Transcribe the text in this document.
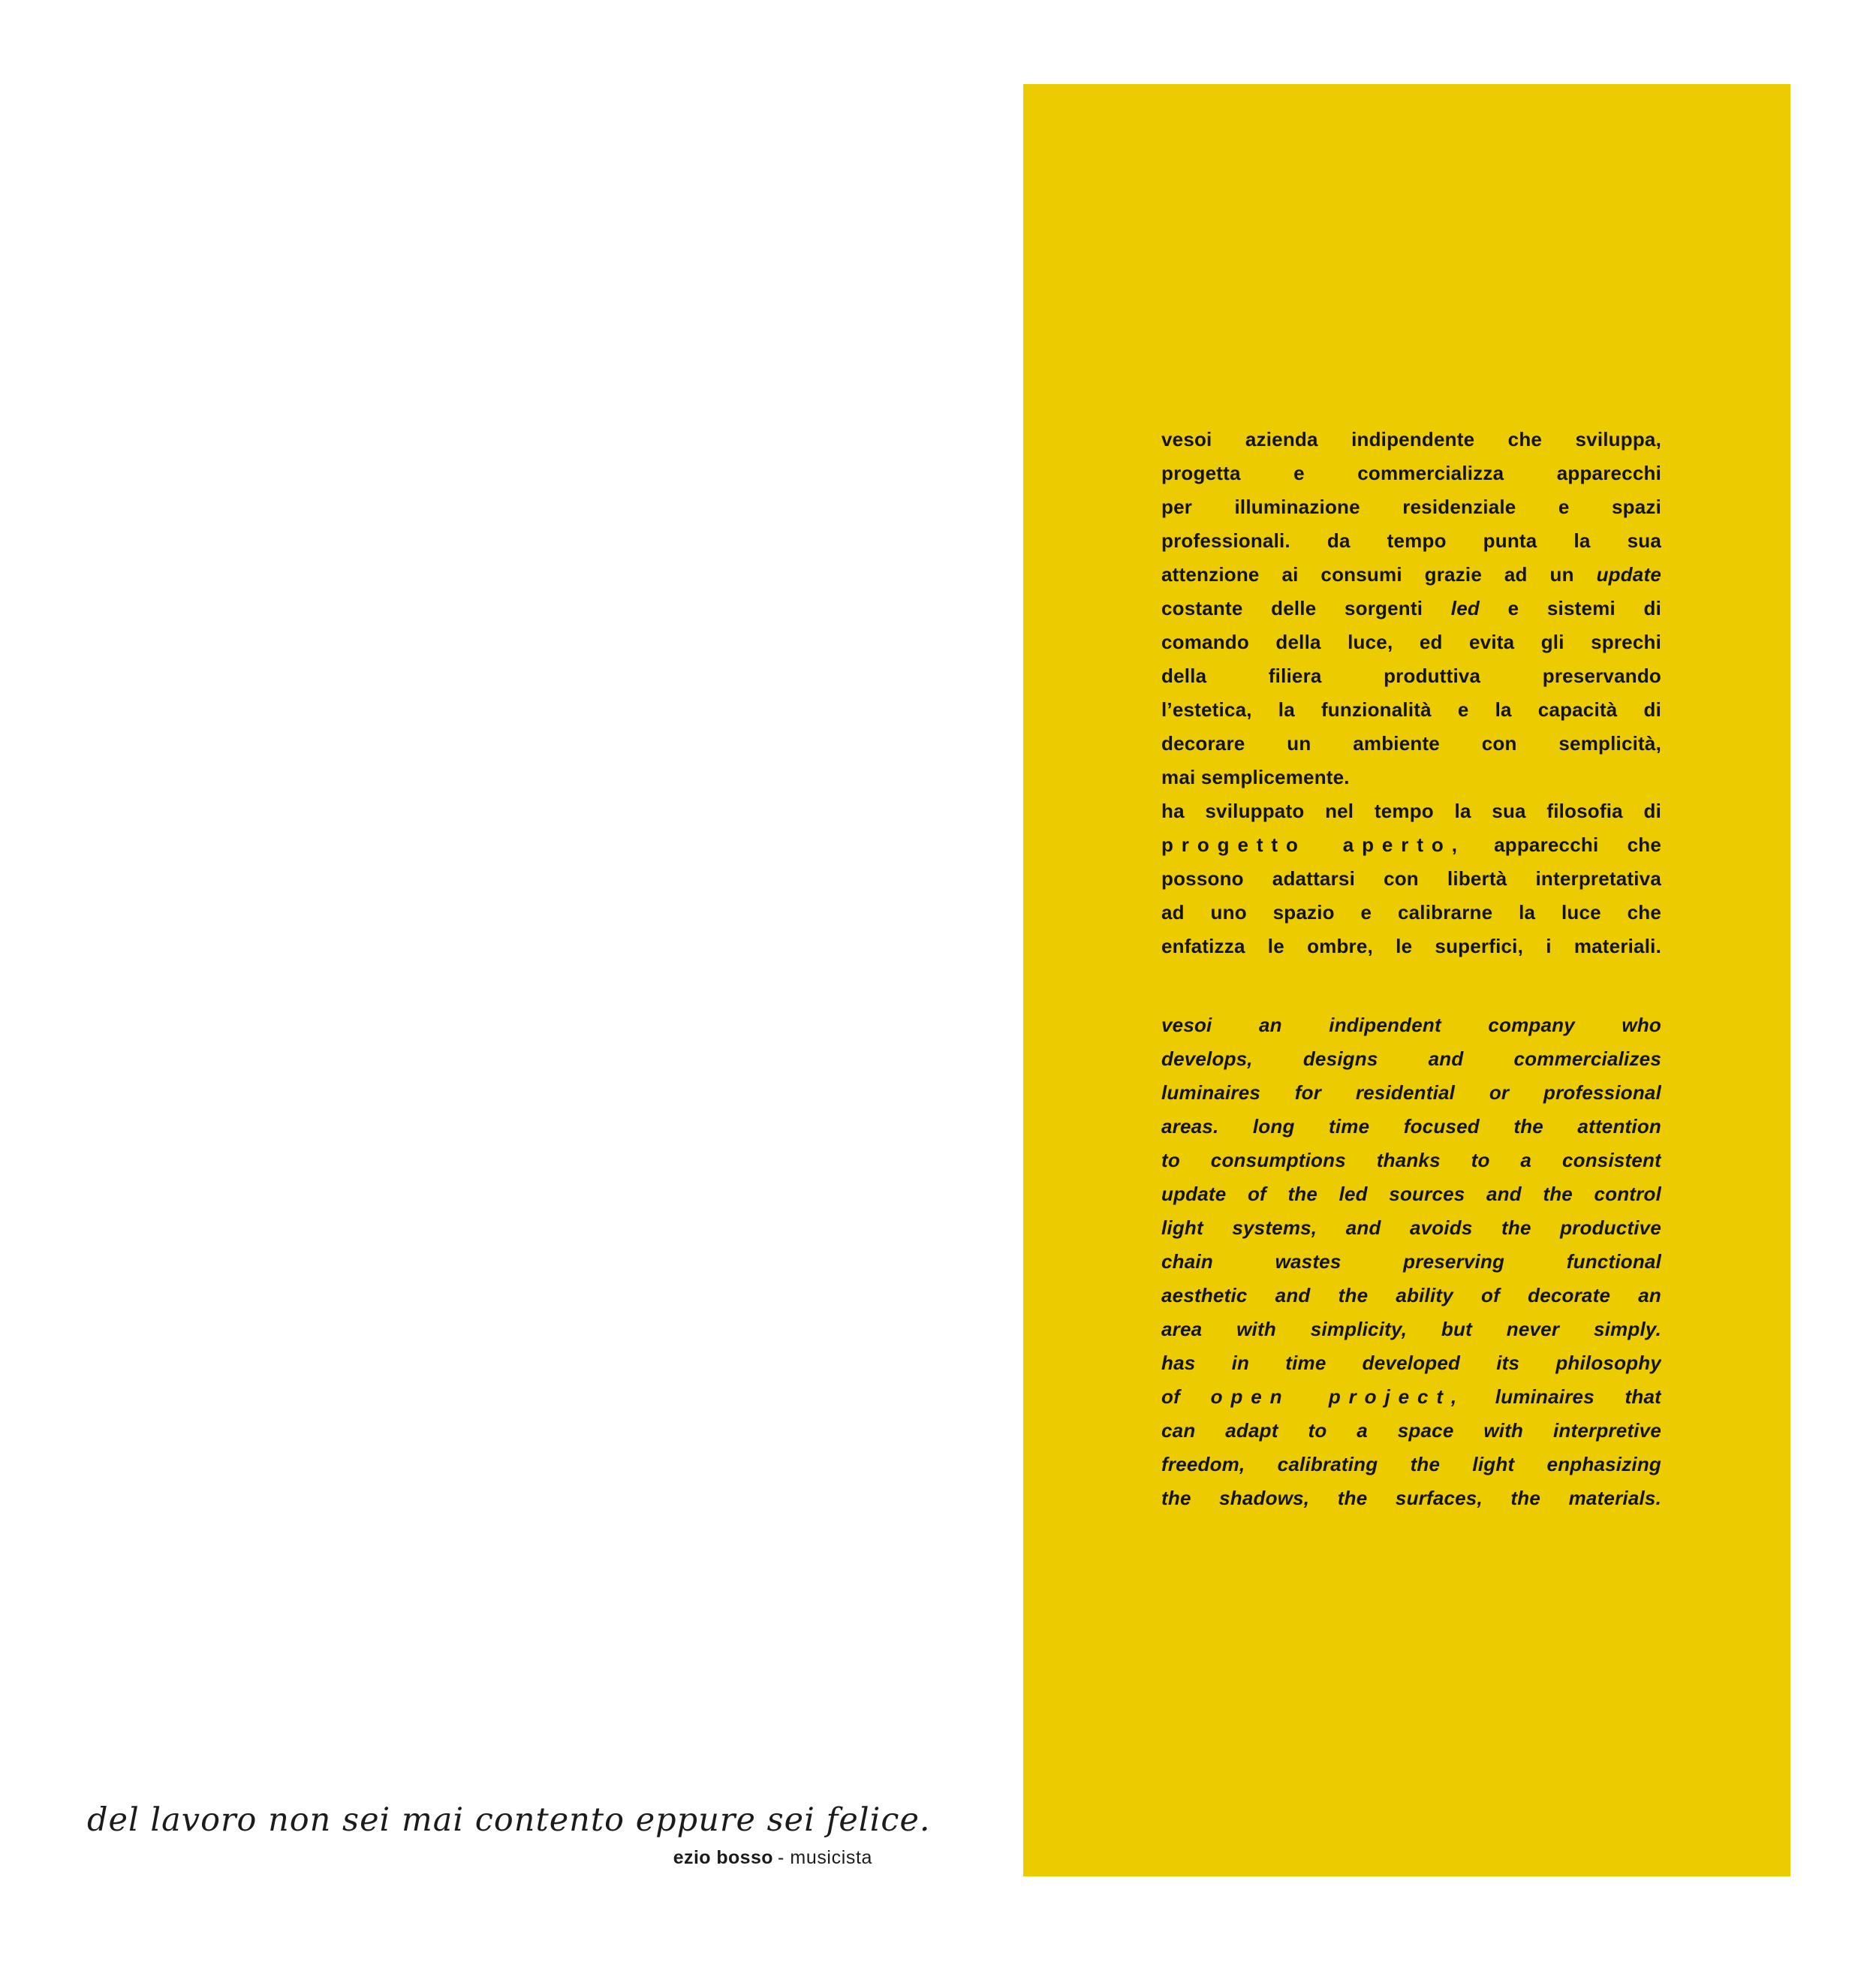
vesoi azienda indipendente che sviluppa,
progetta e commercializza apparecchi
per illuminazione residenziale e spazi
professionali. da tempo punta la sua
attenzione ai consumi grazie ad un update
costante delle sorgenti led e sistemi di
comando della luce, ed evita gli sprechi
della filiera produttiva preservando
l’estetica, la funzionalità e la capacità di
decorare un ambiente con semplicità,
mai semplicemente.
ha sviluppato nel tempo la sua filosofia di
progetto aperto, apparecchi che
possono adattarsi con libertà interpretativa
ad uno spazio e calibrarne la luce che
enfatizza le ombre, le superfici, i materiali.
vesoi an indipendent company who
develops, designs and commercializes
luminaires for residential or professional
areas. long time focused the attention
to consumptions thanks to a consistent
update of the led sources and the control
light systems, and avoids the productive
chain wastes preserving functional
aesthetic and the ability of decorate an
area with simplicity, but never simply.
has in time developed its philosophy
of open project, luminaires that
can adapt to a space with interpretive
freedom, calibrating the light enphasizing
the shadows, the surfaces, the materials.
del lavoro non sei mai contento eppure sei felice.
ezio bosso - musicista
